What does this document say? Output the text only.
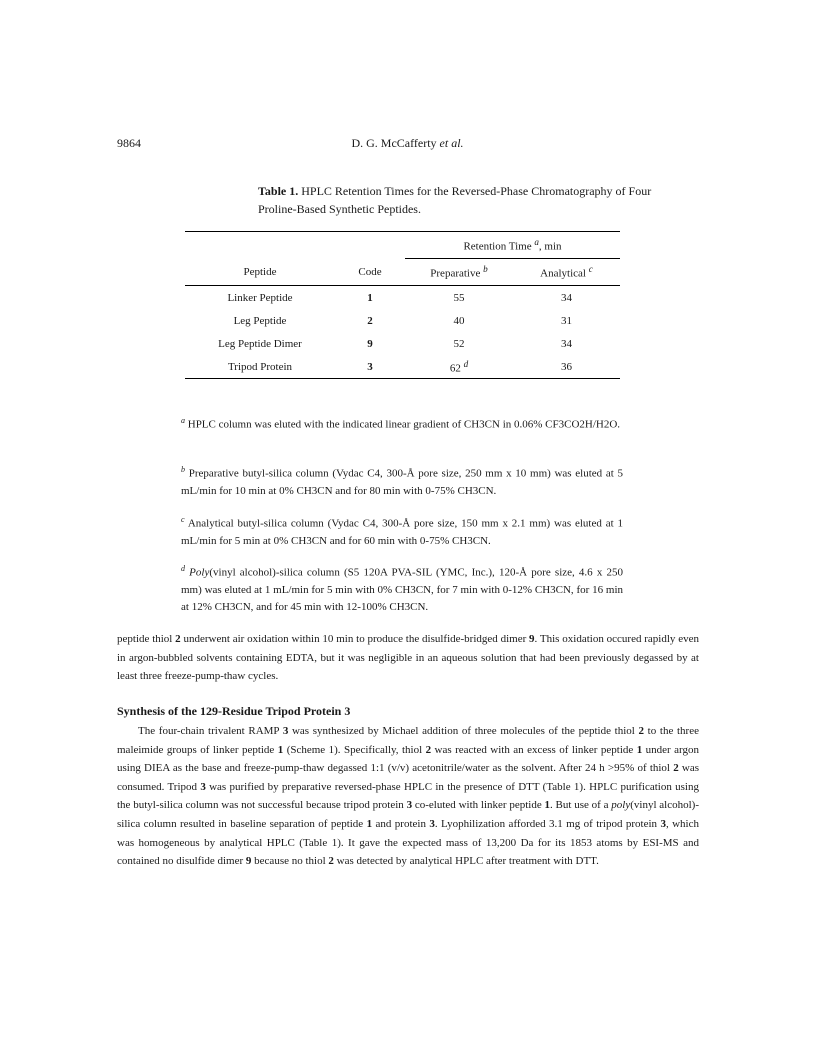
9864	D. G. McCafferty et al.
Table 1. HPLC Retention Times for the Reversed-Phase Chromatography of Four Proline-Based Synthetic Peptides.
		Retention Time $^a$, min	
Peptide	Code	Preparative $^b$	Analytical $^c$
Linker Peptide	1	55	34
Leg Peptide	2	40	31
Leg Peptide Dimer	9	52	34
Tripod Protein	3	62 $^d$	36
$^a$ HPLC column was eluted with the indicated linear gradient of CH3CN in 0.06% CF3CO2H/H2O.
$^b$ Preparative butyl-silica column (Vydac C4, 300-Å pore size, 250 mm x 10 mm) was eluted at 5 mL/min for 10 min at 0% CH3CN and for 80 min with 0-75% CH3CN.
$^c$ Analytical butyl-silica column (Vydac C4, 300-Å pore size, 150 mm x 2.1 mm) was eluted at 1 mL/min for 5 min at 0% CH3CN and for 60 min with 0-75% CH3CN.
$^d$ Poly(vinyl alcohol)-silica column (S5 120A PVA-SIL (YMC, Inc.), 120-Å pore size, 4.6 x 250 mm) was eluted at 1 mL/min for 5 min with 0% CH3CN, for 7 min with 0-12% CH3CN, for 16 min at 12% CH3CN, and for 45 min with 12-100% CH3CN.
peptide thiol 2 underwent air oxidation within 10 min to produce the disulfide-bridged dimer 9. This oxidation occured rapidly even in argon-bubbled solvents containing EDTA, but it was negligible in an aqueous solution that had been previously degassed by at least three freeze-pump-thaw cycles.
Synthesis of the 129-Residue Tripod Protein 3
The four-chain trivalent RAMP 3 was synthesized by Michael addition of three molecules of the peptide thiol 2 to the three maleimide groups of linker peptide 1 (Scheme 1). Specifically, thiol 2 was reacted with an excess of linker peptide 1 under argon using DIEA as the base and freeze-pump-thaw degassed 1:1 (v/v) acetonitrile/water as the solvent. After 24 h >95% of thiol 2 was consumed. Tripod 3 was purified by preparative reversed-phase HPLC in the presence of DTT (Table 1). HPLC purification using the butyl-silica column was not successful because tripod protein 3 co-eluted with linker peptide 1. But use of a poly(vinyl alcohol)-silica column resulted in baseline separation of peptide 1 and protein 3. Lyophilization afforded 3.1 mg of tripod protein 3, which was homogeneous by analytical HPLC (Table 1). It gave the expected mass of 13,200 Da for its 1853 atoms by ESI-MS and contained no disulfide dimer 9 because no thiol 2 was detected by analytical HPLC after treatment with DTT.
